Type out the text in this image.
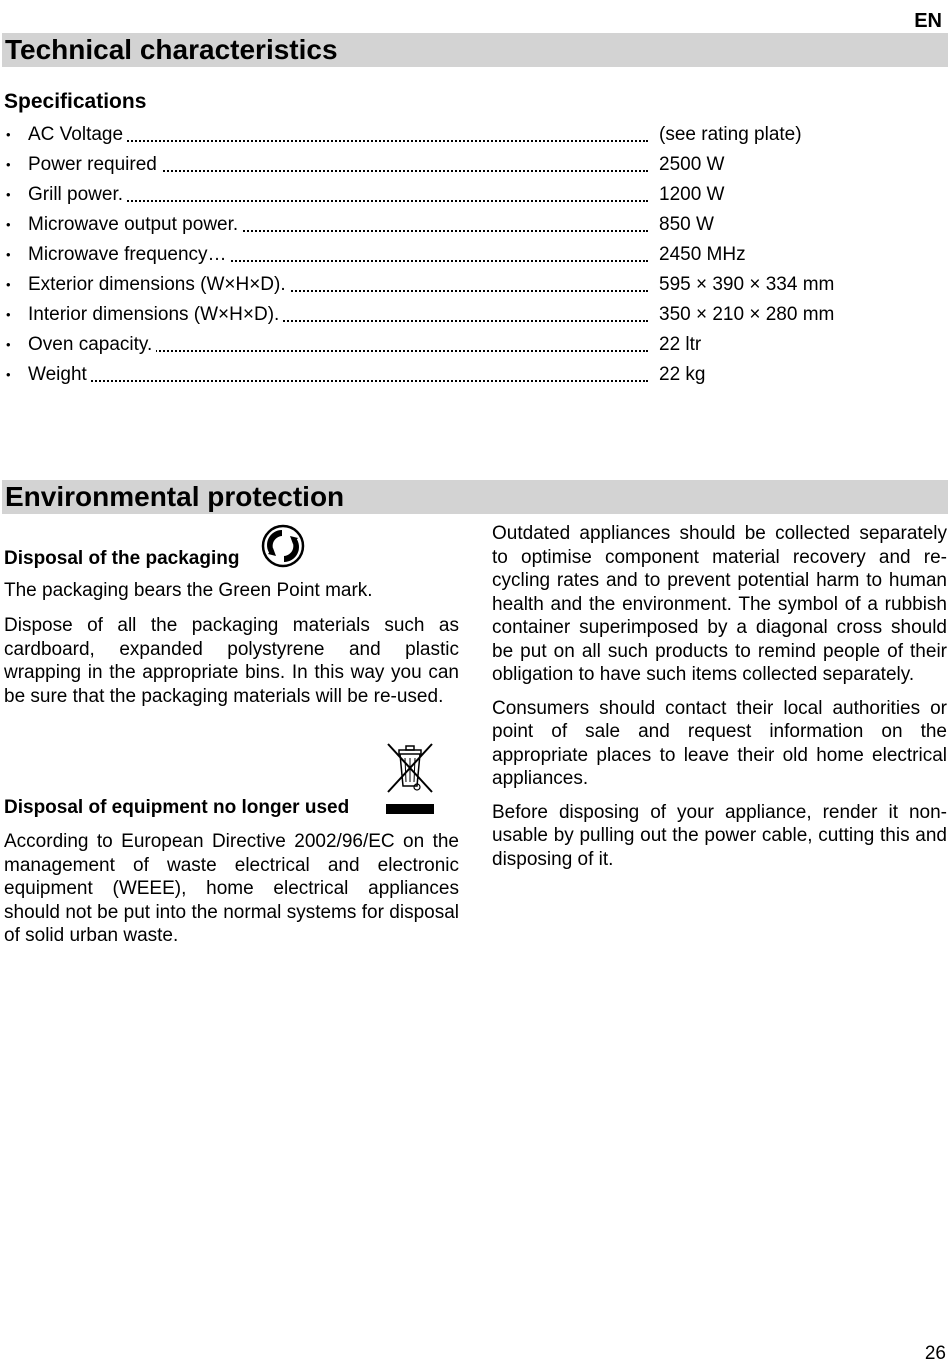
EN
Technical characteristics
Specifications
• AC Voltage	(see rating plate)
• Power required	2500 W
• Grill power.	1200 W
• Microwave output power.	850 W
• Microwave frequency…	2450 MHz
• Exterior dimensions (W×H×D).	595 × 390 × 334 mm
• Interior dimensions (W×H×D).	350 × 210 × 280 mm
• Oven capacity.	22 ltr
• Weight	22 kg
Environmental protection
Disposal of the packaging
The packaging bears the Green Point mark.
Dispose of all the packaging materials such as cardboard, expanded polystyrene and plastic wrapping in the appropriate bins. In this way you can be sure that the packaging materials will be re-used.
Disposal of equipment no longer used
According to European Directive 2002/96/EC on the management of waste electrical and electronic equipment (WEEE), home electrical appliances should not be put into the normal systems for disposal of solid urban waste.

Outdated appliances should be collected separately to optimise component material recovery and re-cycling rates and to prevent potential harm to human health and the environment. The symbol of a rubbish container superimposed by a diagonal cross should be put on all such products to remind people of their obligation to have such items collected separately.

Consumers should contact their local authorities or point of sale and request information on the appropriate places to leave their old home electrical appliances.

Before disposing of your appliance, render it non-usable by pulling out the power cable, cutting this and disposing of it.

26
